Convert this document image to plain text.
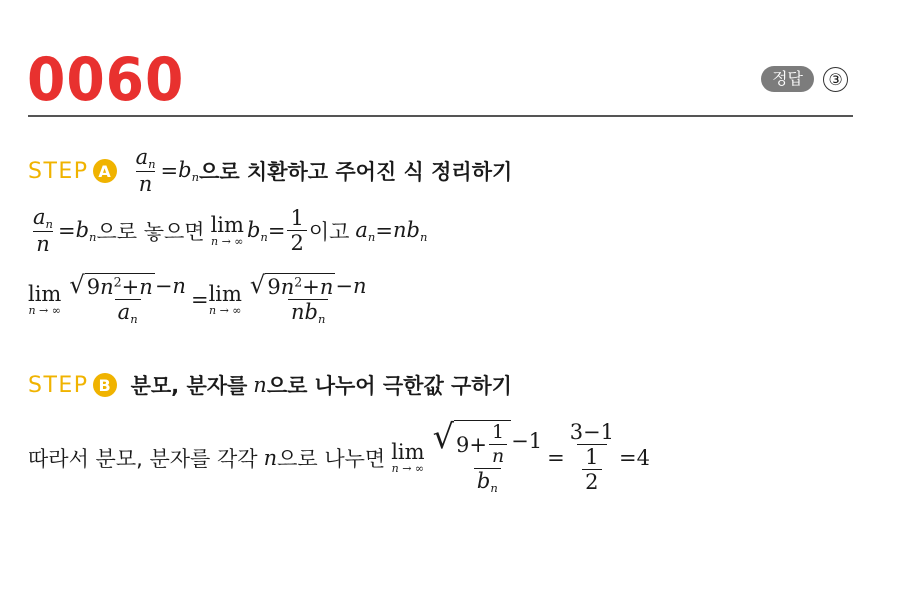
0060	정답	③
STEP A $\frac{a_n}{n} = b_n$ 으로 치환하고 주어진 식 정리하기
$\frac{a_n}{n} = b_n$ 으로 놓으면 lim
n → ∞ $b_n = \frac{1}{2}$ 이고 $a_n = nb_n$
lim
n → ∞ $\frac{√ 9n^2+n -n}{a_n} = \lim$
n → ∞ $\frac{√ 9n^2+n -n}{nb_n}$
STEP B 분모, 분자를 n 으로 나누어 극한값 구하기
따라서 분모, 분자를 각각 n 으로 나누면 lim
n → ∞ $\frac{√ 9+ \frac{1}{n} -1}{b_n} = \frac{3-1}{\frac{1}{2}} =4$
